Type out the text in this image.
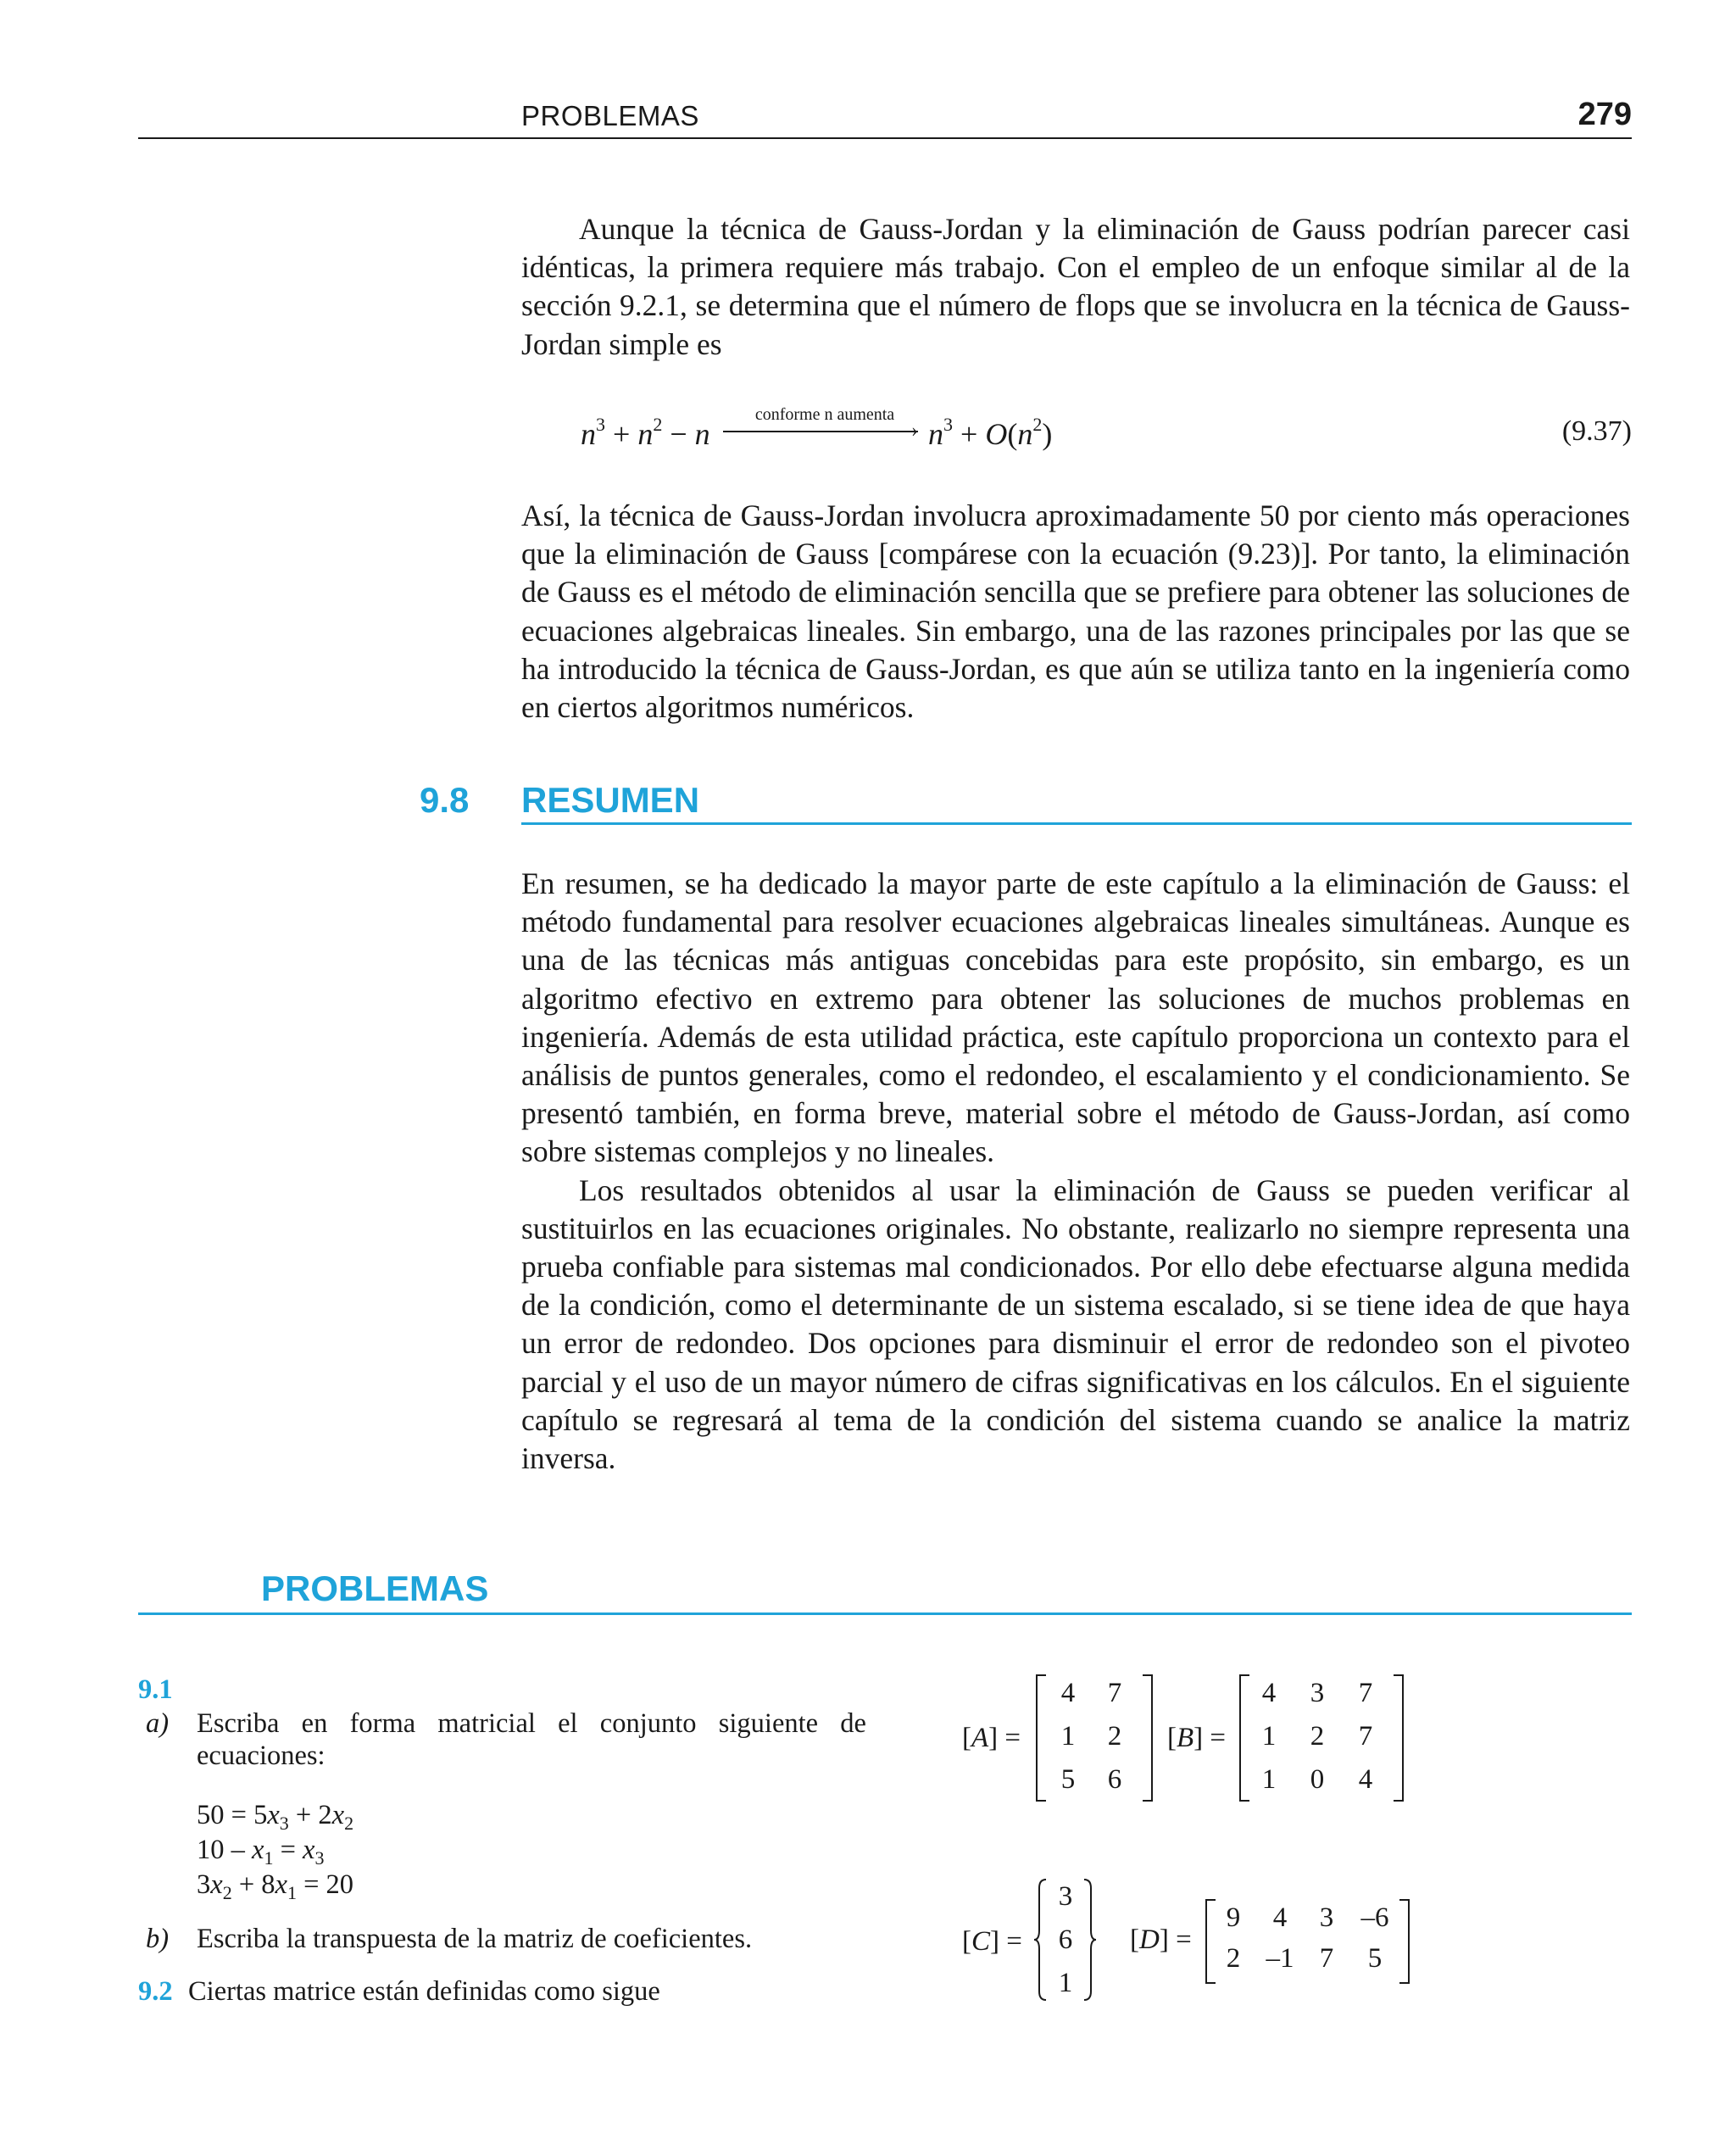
PROBLEMAS	279

Aunque la técnica de Gauss-Jordan y la eliminación de Gauss podrían parecer casi idénticas, la primera requiere más trabajo. Con el empleo de un enfoque similar al de la sección 9.2.1, se determina que el número de flops que se involucra en la técnica de Gauss-Jordan simple es

$n^3 + n^2 - n$
conforme n aumenta
› $n^3 + O(n^2)$	(9.37)

Así, la técnica de Gauss-Jordan involucra aproximadamente 50 por ciento más operaciones que la eliminación de Gauss [compárese con la ecuación (9.23)]. Por tanto, la eliminación de Gauss es el método de eliminación sencilla que se prefiere para obtener las soluciones de ecuaciones algebraicas lineales. Sin embargo, una de las razones principales por las que se ha introducido la técnica de Gauss-Jordan, es que aún se utiliza tanto en la ingeniería como en ciertos algoritmos numéricos.

9.8 RESUMEN

En resumen, se ha dedicado la mayor parte de este capítulo a la eliminación de Gauss: el método fundamental para resolver ecuaciones algebraicas lineales simultáneas. Aunque es una de las técnicas más antiguas concebidas para este propósito, sin embargo, es un algoritmo efectivo en extremo para obtener las soluciones de muchos problemas en ingeniería. Además de esta utilidad práctica, este capítulo proporciona un contexto para el análisis de puntos generales, como el redondeo, el escalamiento y el condicionamiento. Se presentó también, en forma breve, material sobre el método de Gauss-Jordan, así como sobre sistemas complejos y no lineales.

Los resultados obtenidos al usar la eliminación de Gauss se pueden verificar al sustituirlos en las ecuaciones originales. No obstante, realizarlo no siempre representa una prueba confiable para sistemas mal condicionados. Por ello debe efectuarse alguna medida de la condición, como el determinante de un sistema escalado, si se tiene idea de que haya un error de redondeo. Dos opciones para disminuir el error de redondeo son el pivoteo parcial y el uso de un mayor número de cifras significativas en los cálculos. En el siguiente capítulo se regresará al tema de la condición del sistema cuando se analice la matriz inversa.

PROBLEMAS
9.1
a) Escriba en forma matricial el conjunto siguiente de ecuaciones:
$50 = 5x_3 + 2x_2$
$10 - x_1 = x_3$
$3x_2 + 8x_1 = 20$
b) Escriba la transpuesta de la matriz de coeficientes.
9.2 Ciertas matrice están definidas como sigue
[A] =
4	7
1	2
5	6
[B] =
4	3	7
1	2	7
1	0	4
[C] =
3
6
1
[D] =
9	4	3 –6
2 –1 7	5
